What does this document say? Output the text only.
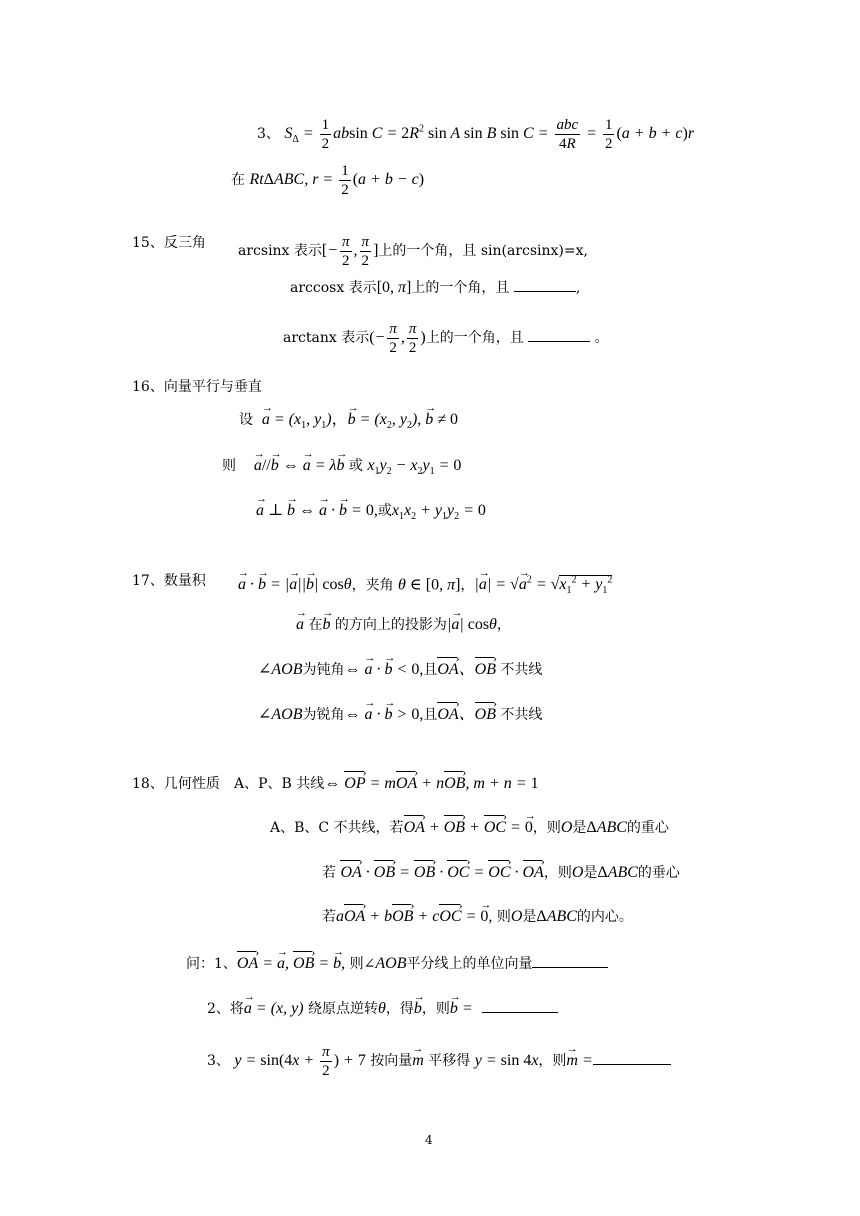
3、 $S_\Delta = \frac{1}{2}$ absin $C = 2R^2$ sin A sin B $\sin C = \frac{\text{abc}}{4R} = \frac{1}{2} (a + b + c)r$
在 RtΔABC, $r = \frac{1}{2} (a + b - c)$
15、反三角
arcsinx 表示[− $\frac{\pi}{2}$ , $\frac{\pi}{2}$ ]上的一个角，且 sin(arcsinx)=x,
arccosx 表示[0, π]上的一个角，且	,
arctanx 表示(− $\frac{\pi}{2}$ , $\frac{\pi}{2}$ )上的一个角，且	。
16、向量平行与垂直
设 → $a = (x_1$, $y_1$)，→ $b = (x_2$, $y_2$), → b ≠ 0
则 → a//→ b ⇔ → a = λ→ b 或 $x_1y_2 - x_2y_1 = 0$
→ a ⊥ → b ⇔ → a · → b = 0,或$x_1x_2 + y_1y_2 = 0$
17、数量积 → a · → b = |→ a||→ b| cosθ，夹角 θ ∈ [0, π]，|→ a| = √→ $a^2 = √x_1^2 + y_1^2$
→ a 在→ b 的方向上的投影为|→ a| cosθ，
∠AOB为钝角⇔ → a · → b < 0,且OA ›、OB › 不共线
∠AOB为锐角⇔ → a · → b > 0,且OA ›、OB › 不共线
18、几何性质 A、P、B 共线⇔ OP › = mOA › + nOB ›, m + n = 1
A、B、C 不共线，若OA › + OB › + OC › = → 0，则O是ΔABC的重心
若 OA › · OB › = OB › · OC › = OC › · OA ›，则O是ΔABC的垂心
若aOA › + bOB › + cOC › = → 0, 则O是ΔABC的内心。
问：1、OA › = → a, OB › = → b, 则∠AOB平分线上的单位向量
2、将→ a = (x, y) 绕原点逆转θ，得→ b，则→ b =
3、 $y = \sin(4x + \frac{\pi}{2}$ ) + 7 按向量→ m 平移得 y = sin 4x，则→ m =
4
